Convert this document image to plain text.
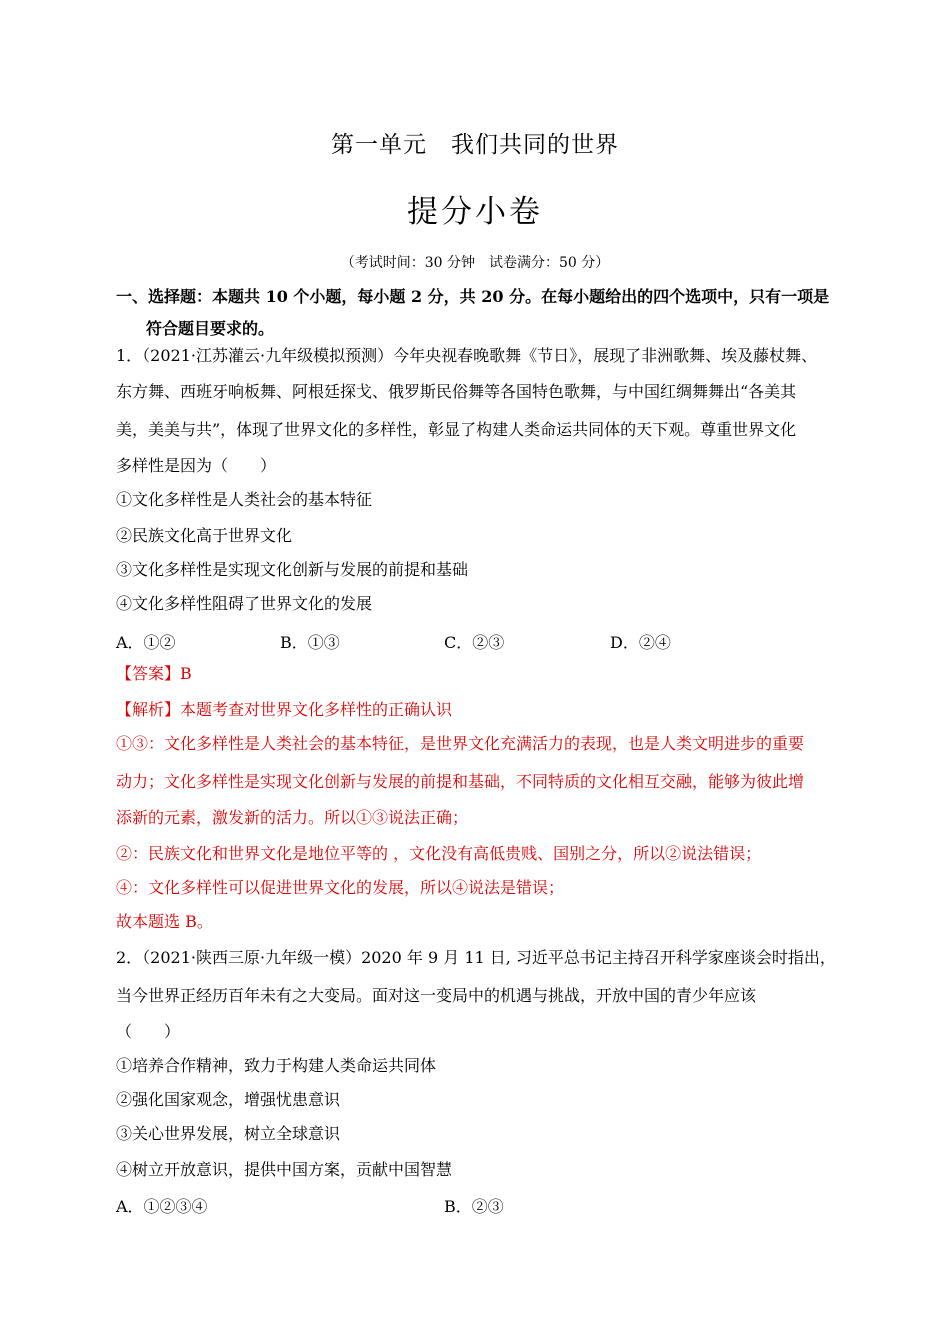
第一单元　我们共同的世界
提分小卷
（考试时间：30 分钟　试卷满分：50 分）
一、选择题：本题共 10 个小题，每小题 2 分，共 20 分。在每小题给出的四个选项中，只有一项是
符合题目要求的。
1．（2021·江苏灌云·九年级模拟预测）今年央视春晚歌舞《节日》，展现了非洲歌舞、埃及藤杖舞、
东方舞、西班牙响板舞、阿根廷探戈、俄罗斯民俗舞等各国特色歌舞，与中国红绸舞舞出“各美其
美，美美与共”，体现了世界文化的多样性，彰显了构建人类命运共同体的天下观。尊重世界文化
多样性是因为（　　）
①文化多样性是人类社会的基本特征
②民族文化高于世界文化
③文化多样性是实现文化创新与发展的前提和基础
④文化多样性阻碍了世界文化的发展
A．①②	B．①③	C．②③	D．②④
【答案】B
【解析】本题考查对世界文化多样性的正确认识
①③：文化多样性是人类社会的基本特征，是世界文化充满活力的表现，也是人类文明进步的重要
动力；文化多样性是实现文化创新与发展的前提和基础，不同特质的文化相互交融，能够为彼此增
添新的元素，激发新的活力。所以①③说法正确；
②：民族文化和世界文化是地位平等的 ，文化没有高低贵贱、国别之分，所以②说法错误；
④：文化多样性可以促进世界文化的发展，所以④说法是错误；
故本题选 B。
2．（2021·陕西三原·九年级一模）2020 年 9 月 11 日, 习近平总书记主持召开科学家座谈会时指出，
当今世界正经历百年未有之大变局。面对这一变局中的机遇与挑战，开放中国的青少年应该
（　　）
①培养合作精神，致力于构建人类命运共同体
②强化国家观念，增强忧患意识
③关心世界发展，树立全球意识
④树立开放意识，提供中国方案，贡献中国智慧
A．①②③④	B．②③
